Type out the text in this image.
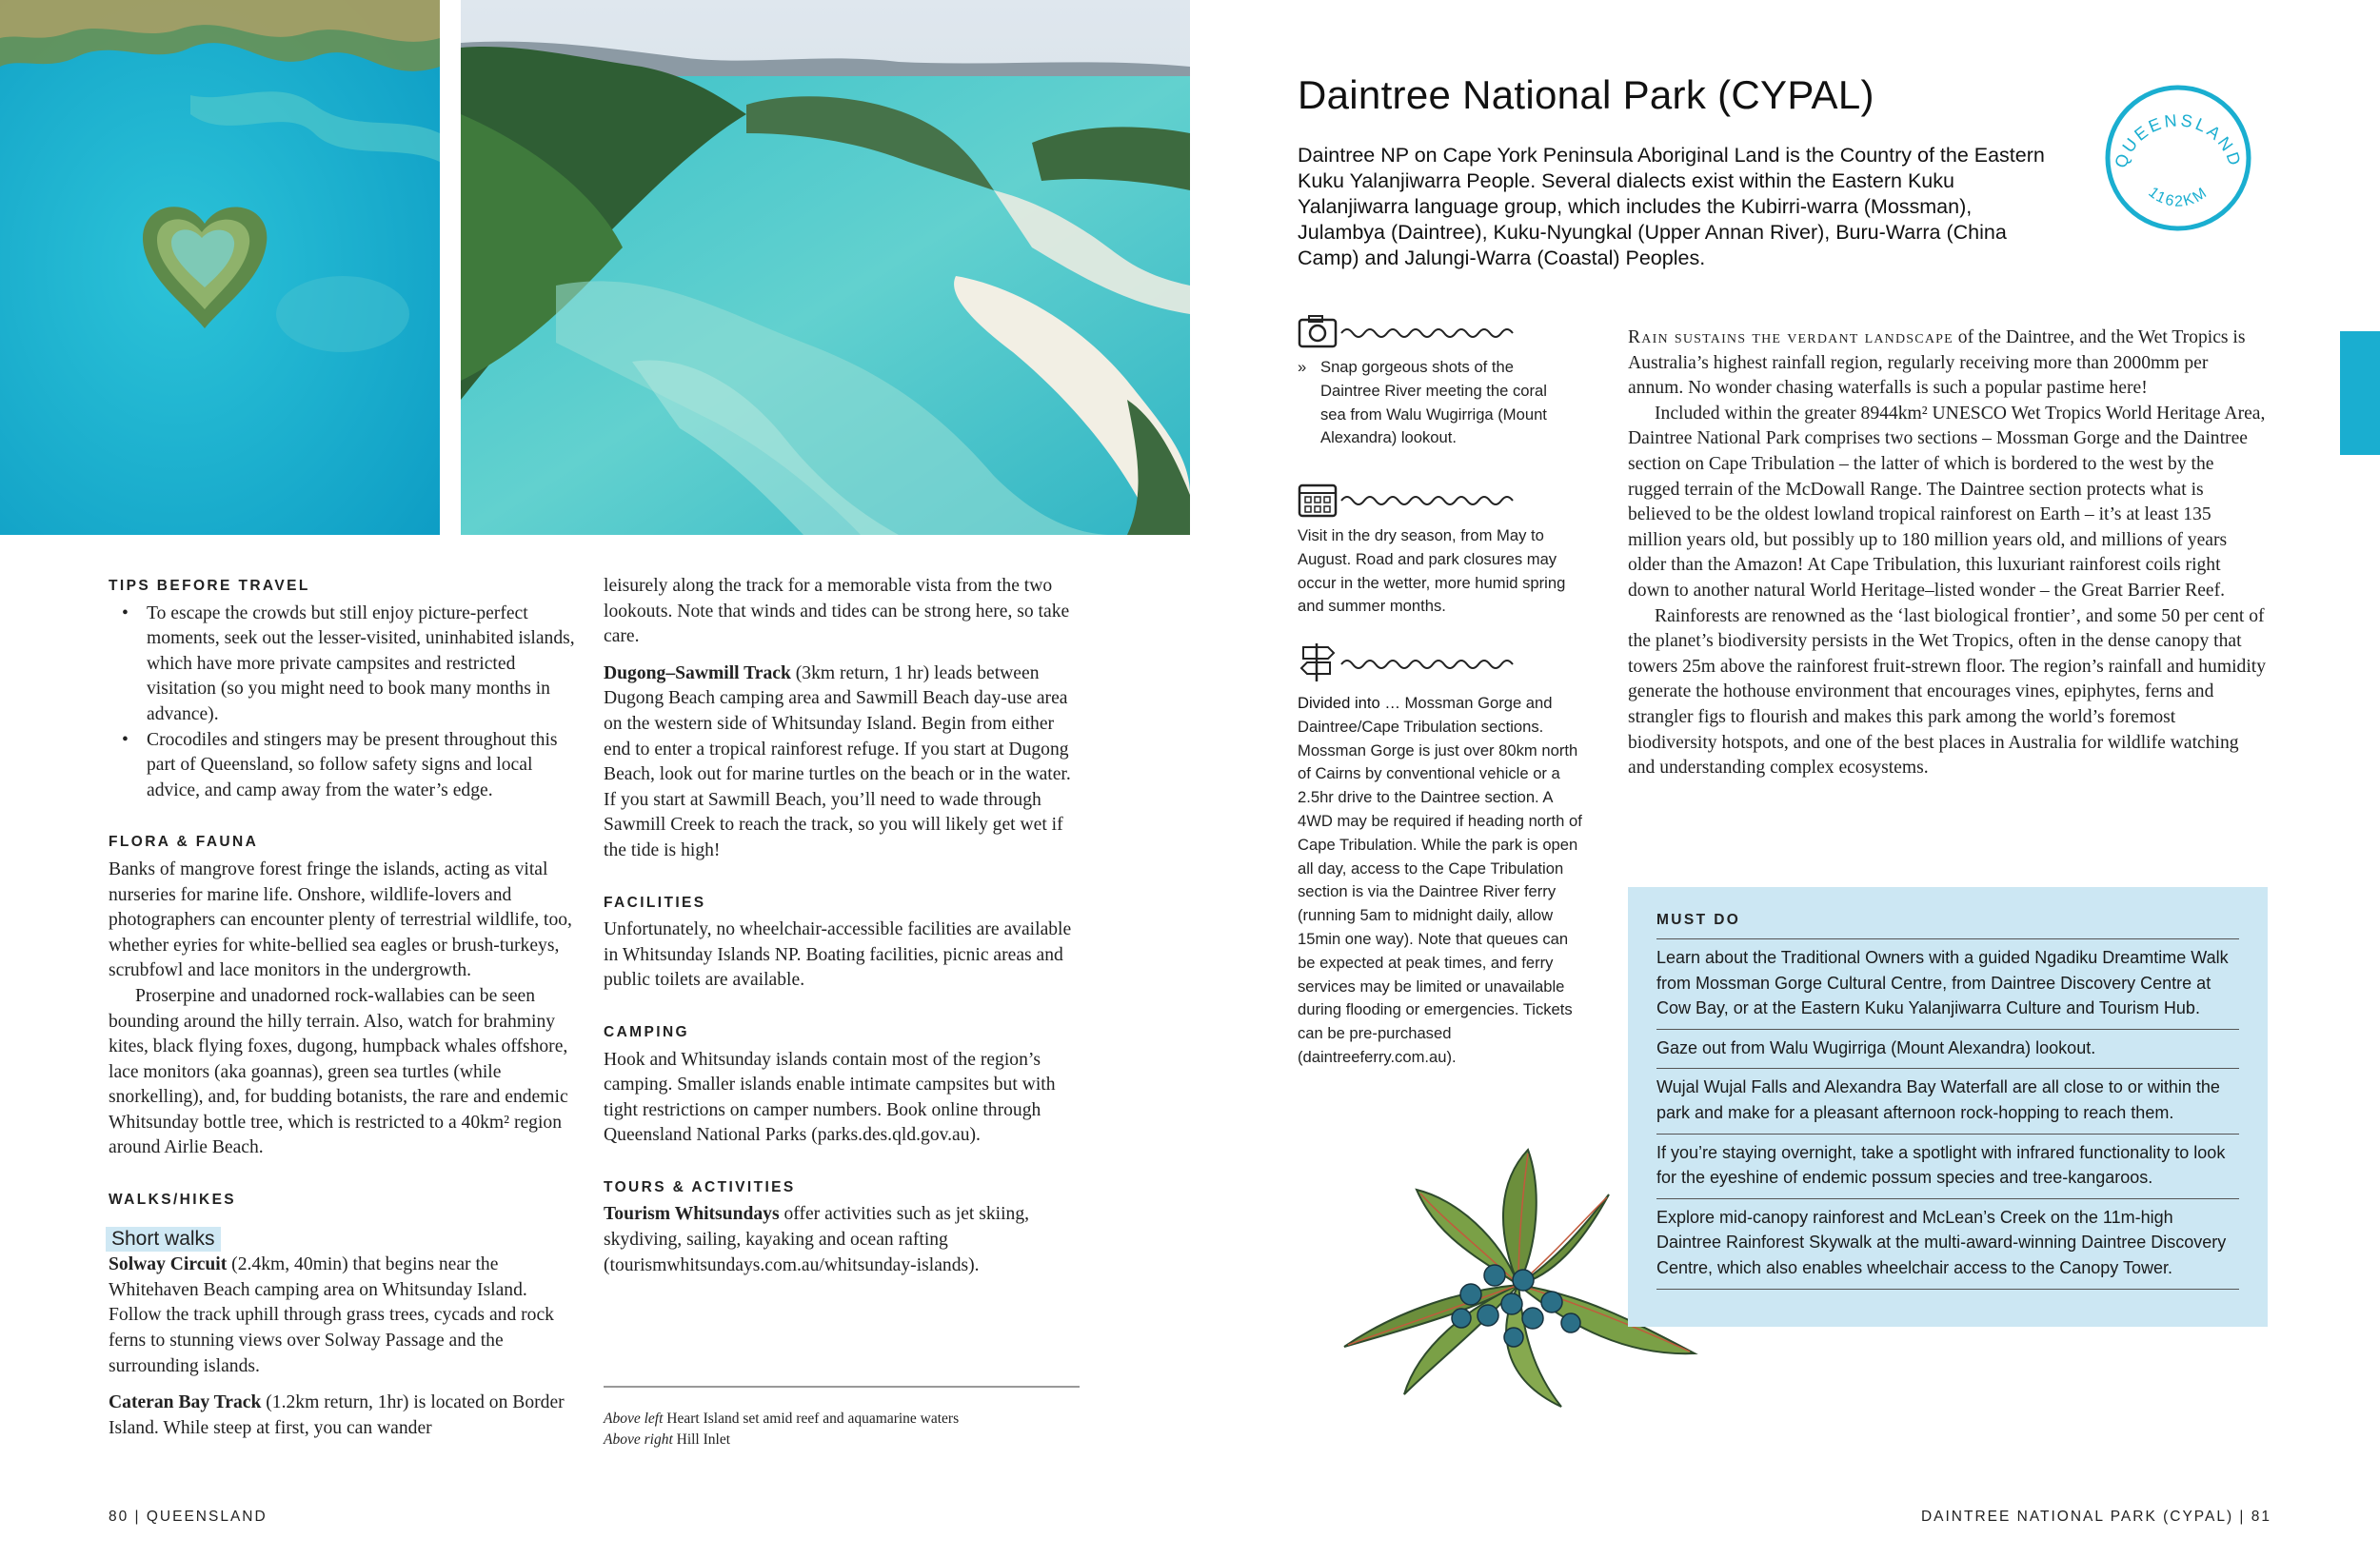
TIPS BEFORE TRAVEL
• To escape the crowds but still enjoy picture-perfect moments, seek out the lesser-visited, uninhabited islands, which have more private campsites and restricted visitation (so you might need to book many months in advance).
• Crocodiles and stingers may be present throughout this part of Queensland, so follow safety signs and local advice, and camp away from the water’s edge.
FLORA & FAUNA

Banks of mangrove forest fringe the islands, acting as vital nurseries for marine life. Onshore, wildlife-lovers and photographers can encounter plenty of terrestrial wildlife, too, whether eyries for white-bellied sea eagles or brush-turkeys, scrubfowl and lace monitors in the undergrowth.

Proserpine and unadorned rock-wallabies can be seen bounding around the hilly terrain. Also, watch for brahminy kites, black flying foxes, dugong, humpback whales offshore, lace monitors (aka goannas), green sea turtles (while snorkelling), and, for budding botanists, the rare and endemic Whitsunday bottle tree, which is restricted to a 40km² region around Airlie Beach.

WALKS/HIKES
Short walks

Solway Circuit (2.4km, 40min) that begins near the Whitehaven Beach camping area on Whitsunday Island. Follow the track uphill through grass trees, cycads and rock ferns to stunning views over Solway Passage and the surrounding islands.

Cateran Bay Track (1.2km return, 1hr) is located on Border Island. While steep at first, you can wander

leisurely along the track for a memorable vista from the two lookouts. Note that winds and tides can be strong here, so take care.

Dugong–Sawmill Track (3km return, 1 hr) leads between Dugong Beach camping area and Sawmill Beach day-use area on the western side of Whitsunday Island. Begin from either end to enter a tropical rainforest refuge. If you start at Dugong Beach, look out for marine turtles on the beach or in the water. If you start at Sawmill Beach, you’ll need to wade through Sawmill Creek to reach the track, so you will likely get wet if the tide is high!

FACILITIES

Unfortunately, no wheelchair-accessible facilities are available in Whitsunday Islands NP. Boating facilities, picnic areas and public toilets are available.

CAMPING

Hook and Whitsunday islands contain most of the region’s camping. Smaller islands enable intimate campsites but with tight restrictions on camper numbers. Book online through Queensland National Parks (parks.des.qld.gov.au).

TOURS & ACTIVITIES

Tourism Whitsundays offer activities such as jet skiing, skydiving, sailing, kayaking and ocean rafting (tourismwhitsundays.com.au/whitsunday-islands).

Above left Heart Island set amid reef and aquamarine waters
Above right Hill Inlet
Daintree National Park (CYPAL)
Daintree NP on Cape York Peninsula Aboriginal Land is the Country of the Eastern Kuku Yalanjiwarra People. Several dialects exist within the Eastern Kuku Yalanjiwarra language group, which includes the Kubirri-warra (Mossman), Julambya (Daintree), Kuku-Nyungkal (Upper Annan River), Buru-Warra (China Camp) and Jalungi-Warra (Coastal) Peoples.
QUEENSLAND
1162KM
» Snap gorgeous shots of the Daintree River meeting the coral sea from Walu Wugirriga (Mount Alexandra) lookout.
Visit in the dry season, from May to August. Road and park closures may occur in the wetter, more humid spring and summer months.
Divided into … Mossman Gorge and Daintree/Cape Tribulation sections. Mossman Gorge is just over 80km north of Cairns by conventional vehicle or a 2.5hr drive to the Daintree section. A 4WD may be required if heading north of Cape Tribulation. While the park is open all day, access to the Cape Tribulation section is via the Daintree River ferry (running 5am to midnight daily, allow 15min one way). Note that queues can be expected at peak times, and ferry services may be limited or unavailable during flooding or emergencies. Tickets can be pre-purchased (daintreeferry.com.au).

Rain sustains the verdant landscape of the Daintree, and the Wet Tropics is Australia’s highest rainfall region, regularly receiving more than 2000mm per annum. No wonder chasing waterfalls is such a popular pastime here!

Included within the greater 8944km² UNESCO Wet Tropics World Heritage Area, Daintree National Park comprises two sections – Mossman Gorge and the Daintree section on Cape Tribulation – the latter of which is bordered to the west by the rugged terrain of the McDowall Range. The Daintree section protects what is believed to be the oldest lowland tropical rainforest on Earth – it’s at least 135 million years old, but possibly up to 180 million years old, and millions of years older than the Amazon! At Cape Tribulation, this luxuriant rainforest coils right down to another natural World Heritage–listed wonder – the Great Barrier Reef.

Rainforests are renowned as the ‘last biological frontier’, and some 50 per cent of the planet’s biodiversity persists in the Wet Tropics, often in the dense canopy that towers 25m above the rainforest fruit-strewn floor. The region’s rainfall and humidity generate the hothouse environment that encourages vines, epiphytes, ferns and strangler figs to flourish and makes this park among the world’s foremost biodiversity hotspots, and one of the best places in Australia for wildlife watching and understanding complex ecosystems.

MUST DO
Learn about the Traditional Owners with a guided Ngadiku Dreamtime Walk from Mossman Gorge Cultural Centre, from Daintree Discovery Centre at Cow Bay, or at the Eastern Kuku Yalanjiwarra Culture and Tourism Hub.
Gaze out from Walu Wugirriga (Mount Alexandra) lookout.
Wujal Wujal Falls and Alexandra Bay Waterfall are all close to or within the park and make for a pleasant afternoon rock-hopping to reach them.
If you’re staying overnight, take a spotlight with infrared functionality to look for the eyeshine of endemic possum species and tree-kangaroos.
Explore mid-canopy rainforest and McLean’s Creek on the 11m-high Daintree Rainforest Skywalk at the multi-award-winning Daintree Discovery Centre, which also enables wheelchair access to the Canopy Tower.
80 | QUEENSLAND	DAINTREE NATIONAL PARK (CYPAL) | 81
